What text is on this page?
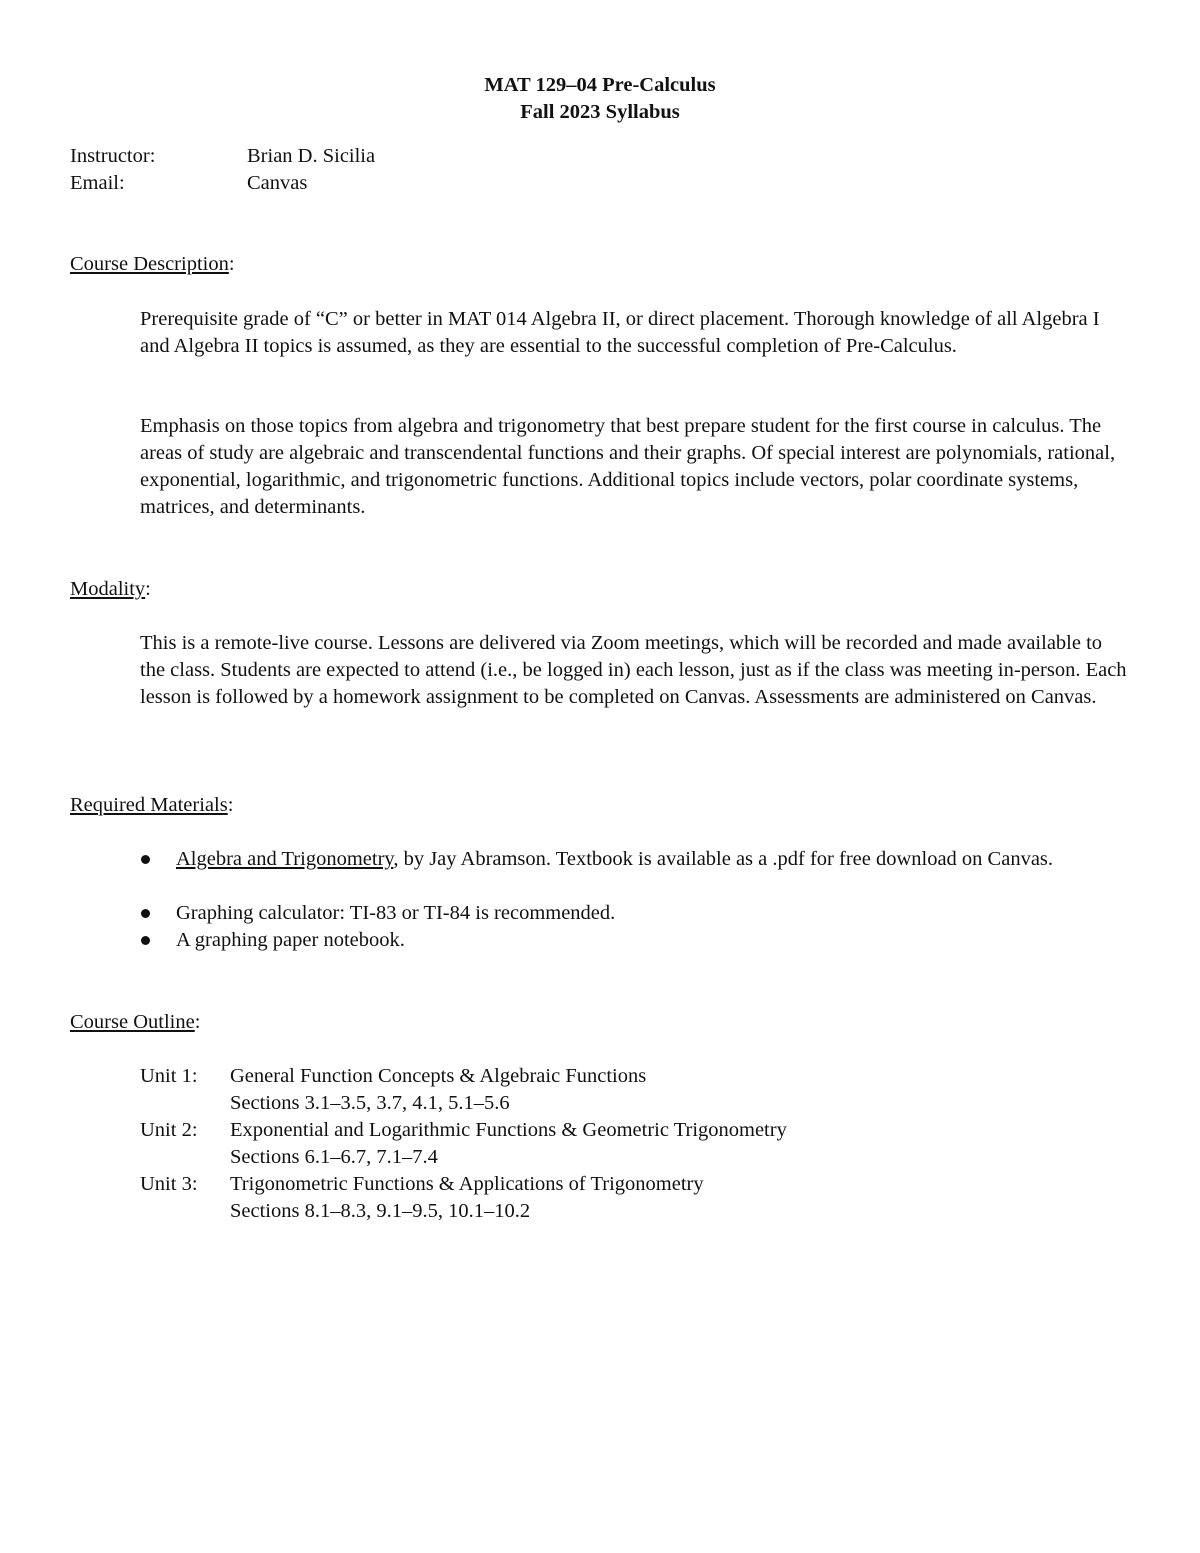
MAT 129–04 Pre-Calculus
Fall 2023 Syllabus
Instructor:	Brian D. Sicilia
Email:	Canvas
Course Description:
Prerequisite grade of “C” or better in MAT 014 Algebra II, or direct placement. Thorough knowledge of all Algebra I and Algebra II topics is assumed, as they are essential to the successful completion of Pre-Calculus.
Emphasis on those topics from algebra and trigonometry that best prepare student for the first course in calculus. The areas of study are algebraic and transcendental functions and their graphs. Of special interest are polynomials, rational, exponential, logarithmic, and trigonometric functions. Additional topics include vectors, polar coordinate systems, matrices, and determinants.
Modality:
This is a remote-live course. Lessons are delivered via Zoom meetings, which will be recorded and made available to the class. Students are expected to attend (i.e., be logged in) each lesson, just as if the class was meeting in-person. Each lesson is followed by a homework assignment to be completed on Canvas. Assessments are administered on Canvas.
Required Materials:
Algebra and Trigonometry, by Jay Abramson. Textbook is available as a .pdf for free download on Canvas.
Graphing calculator: TI-83 or TI-84 is recommended.
A graphing paper notebook.
Course Outline:
Unit 1: General Function Concepts & Algebraic Functions
Sections 3.1–3.5, 3.7, 4.1, 5.1–5.6
Unit 2: Exponential and Logarithmic Functions & Geometric Trigonometry
Sections 6.1–6.7, 7.1–7.4
Unit 3: Trigonometric Functions & Applications of Trigonometry
Sections 8.1–8.3, 9.1–9.5, 10.1–10.2
